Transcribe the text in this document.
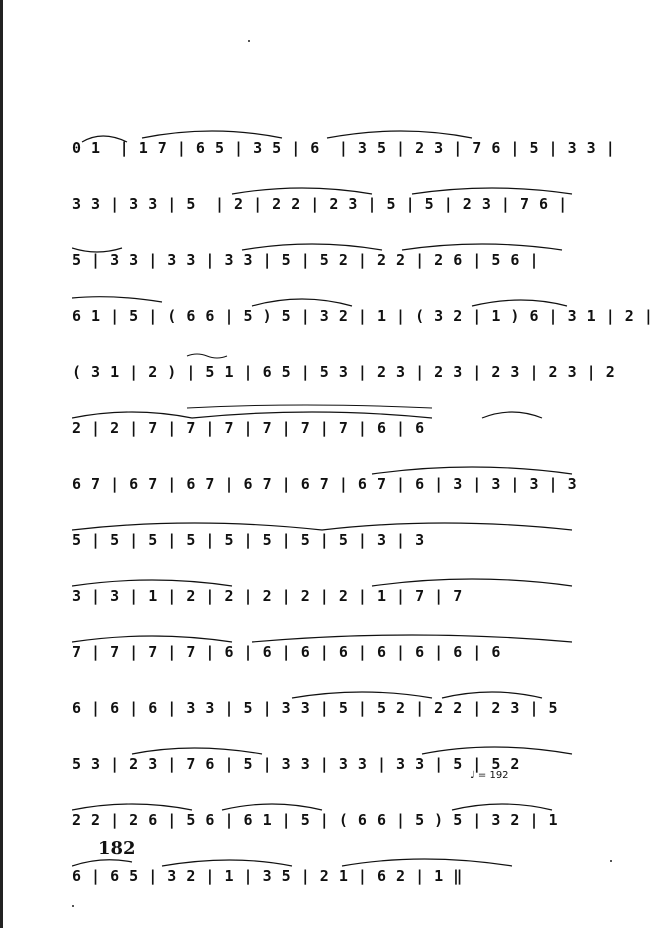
0 1  | 1 7 | 6 5 | 3 5 | 6  | 3 5 | 2 3 | 7 6 | 5 | 3 3 |
3 3 | 3 3 | 5  | 2 | 2 2 | 2 3 | 5 | 5 | 2 3 | 7 6 |
5 | 3 3 | 3 3 | 3 3 | 5 | 5 2 | 2 2 | 2 6 | 5 6 |
6 1 | 5 | ( 6 6 | 5 ) 5 | 3 2 | 1 | ( 3 2 | 1 ) 6 | 3 1 | 2 |
( 3 1 | 2 ) | 5 1 | 6 5 | 5 3 | 2 3 | 2 3 | 2 3 | 2 3 | 2
2 | 2 | 7 | 7 | 7 | 7 | 7 | 7 | 6 | 6
6 7 | 6 7 | 6 7 | 6 7 | 6 7 | 6 7 | 6 | 3 | 3 | 3 | 3
5 | 5 | 5 | 5 | 5 | 5 | 5 | 5 | 3 | 3
3 | 3 | 1 | 2 | 2 | 2 | 2 | 2 | 1 | 7 | 7
7 | 7 | 7 | 7 | 6 | 6 | 6 | 6 | 6 | 6 | 6 | 6
6 | 6 | 6 | 3 3 | 5 | 3 3 | 5 | 5 2 | 2 2 | 2 3 | 5
5 3 | 2 3 | 7 6 | 5 | 3 3 | 3 3 | 3 3 | 5 | 5 2
2 2 | 2 6 | 5 6 | 6 1 | 5 | ( 6 6 | 5 ) 5 | 3 2 | 1
6 | 6 5 | 3 2 | 1 | 3 5 | 2 1 | 6 2 | 1 ‖
♩ = 192
182
